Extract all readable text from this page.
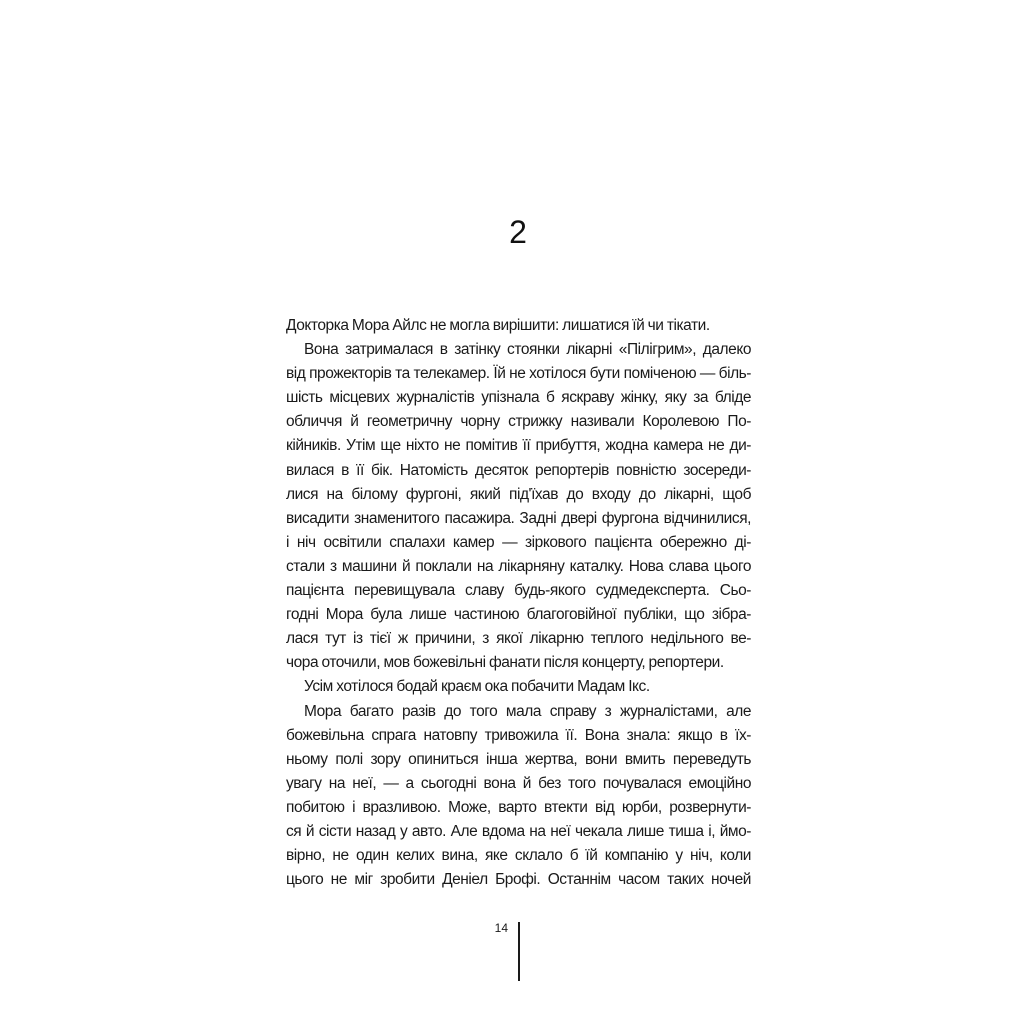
2
Докторка Мора Айлс не могла вирішити: лишатися їй чи тікати.
Вона затрималася в затінку стоянки лікарні «Пілігрим», далеко
від прожекторів та телекамер. Їй не хотілося бути поміченою — біль-
шість місцевих журналістів упізнала б яскраву жінку, яку за бліде
обличчя й геометричну чорну стрижку називали Королевою По-
кійників. Утім ще ніхто не помітив її прибуття, жодна камера не ди-
вилася в її бік. Натомість десяток репортерів повністю зосереди-
лися на білому фургоні, який під'їхав до входу до лікарні, щоб
висадити знаменитого пасажира. Задні двері фургона відчинилися,
і ніч освітили спалахи камер — зіркового пацієнта обережно ді-
стали з машини й поклали на лікарняну каталку. Нова слава цього
пацієнта перевищувала славу будь-якого судмедексперта. Сьо-
годні Мора була лише частиною благоговійної публіки, що зібра-
лася тут із тієї ж причини, з якої лікарню теплого недільного ве-
чора оточили, мов божевільні фанати після концерту, репортери.
Усім хотілося бодай краєм ока побачити Мадам Ікс.
Мора багато разів до того мала справу з журналістами, але
божевільна спрага натовпу тривожила її. Вона знала: якщо в їх-
ньому полі зору опиниться інша жертва, вони вмить переведуть
увагу на неї, — а сьогодні вона й без того почувалася емоційно
побитою і вразливою. Може, варто втекти від юрби, розвернути-
ся й сісти назад у авто. Але вдома на неї чекала лише тиша і, ймо-
вірно, не один келих вина, яке склало б їй компанію у ніч, коли
цього не міг зробити Деніел Брофі. Останнім часом таких ночей
14
